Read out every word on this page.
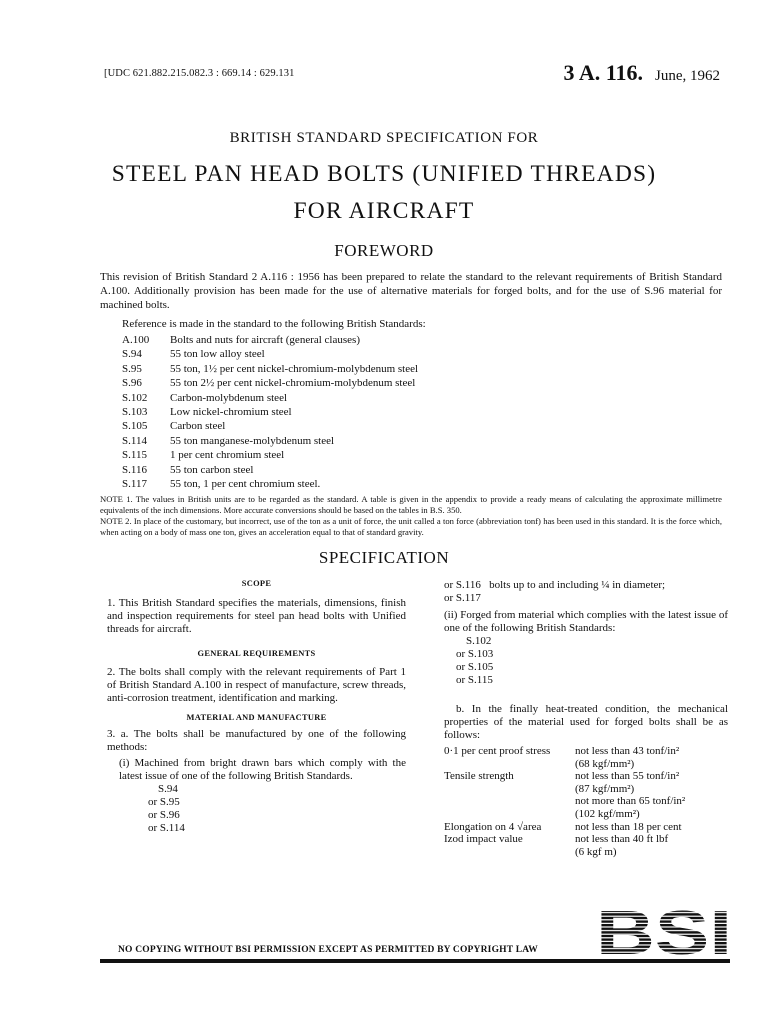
[UDC 621.882.215.082.3 : 669.14 : 629.131	3 A. 116. June, 1962
BRITISH STANDARD SPECIFICATION FOR
STEEL PAN HEAD BOLTS (UNIFIED THREADS)
FOR AIRCRAFT
FOREWORD
This revision of British Standard 2 A.116 : 1956 has been prepared to relate the standard to the relevant requirements of British Standard A.100. Additionally provision has been made for the use of alternative materials for forged bolts, and for the use of S.96 material for machined bolts.
Reference is made in the standard to the following British Standards:
A.100 Bolts and nuts for aircraft (general clauses)
S.94	55 ton low alloy steel
S.95	55 ton, 1½ per cent nickel-chromium-molybdenum steel
S.96	55 ton 2½ per cent nickel-chromium-molybdenum steel
S.102 Carbon-molybdenum steel
S.103 Low nickel-chromium steel
S.105 Carbon steel
S.114 55 ton manganese-molybdenum steel
S.115 1 per cent chromium steel
S.116 55 ton carbon steel
S.117 55 ton, 1 per cent chromium steel.
NOTE 1. The values in British units are to be regarded as the standard. A table is given in the appendix to provide a ready means of calculating the approximate millimetre equivalents of the inch dimensions. More accurate conversions should be based on the tables in B.S. 350.
NOTE 2. In place of the customary, but incorrect, use of the ton as a unit of force, the unit called a ton force (abbreviation tonf) has been used in this standard. It is the force which, when acting on a body of mass one ton, gives an acceleration equal to that of standard gravity.
SPECIFICATION
SCOPE
1. This British Standard specifies the materials, dimensions, finish and inspection requirements for steel pan head bolts with Unified threads for aircraft.
GENERAL REQUIREMENTS
2. The bolts shall comply with the relevant requirements of Part 1 of British Standard A.100 in respect of manufacture, screw threads, anti-corrosion treatment, identification and marking.
MATERIAL AND MANUFACTURE
3. a. The bolts shall be manufactured by one of the following methods:
(i) Machined from bright drawn bars which comply with the latest issue of one of the following British Standards.
S.94
or S.95
or S.96
or S.114
or S.116   bolts up to and including ¼ in diameter;
or S.117
(ii) Forged from material which complies with the latest issue of one of the following British Standards:
S.102
or S.103
or S.105
or S.115
b. In the finally heat-treated condition, the mechanical properties of the material used for forged bolts shall be as follows:
0·1 per cent proof stress	not less than 43 tonf/in²
(68 kgf/mm²)

Tensile strength	not less than 55 tonf/in²
(87 kgf/mm²)
not more than 65 tonf/in²
(102 kgf/mm²)

Elongation on 4 √area	not less than 18 per cent

Izod impact value	not less than 40 ft lbf
(6 kgf m)
NO COPYING WITHOUT BSI PERMISSION EXCEPT AS PERMITTED BY COPYRIGHT LAW
